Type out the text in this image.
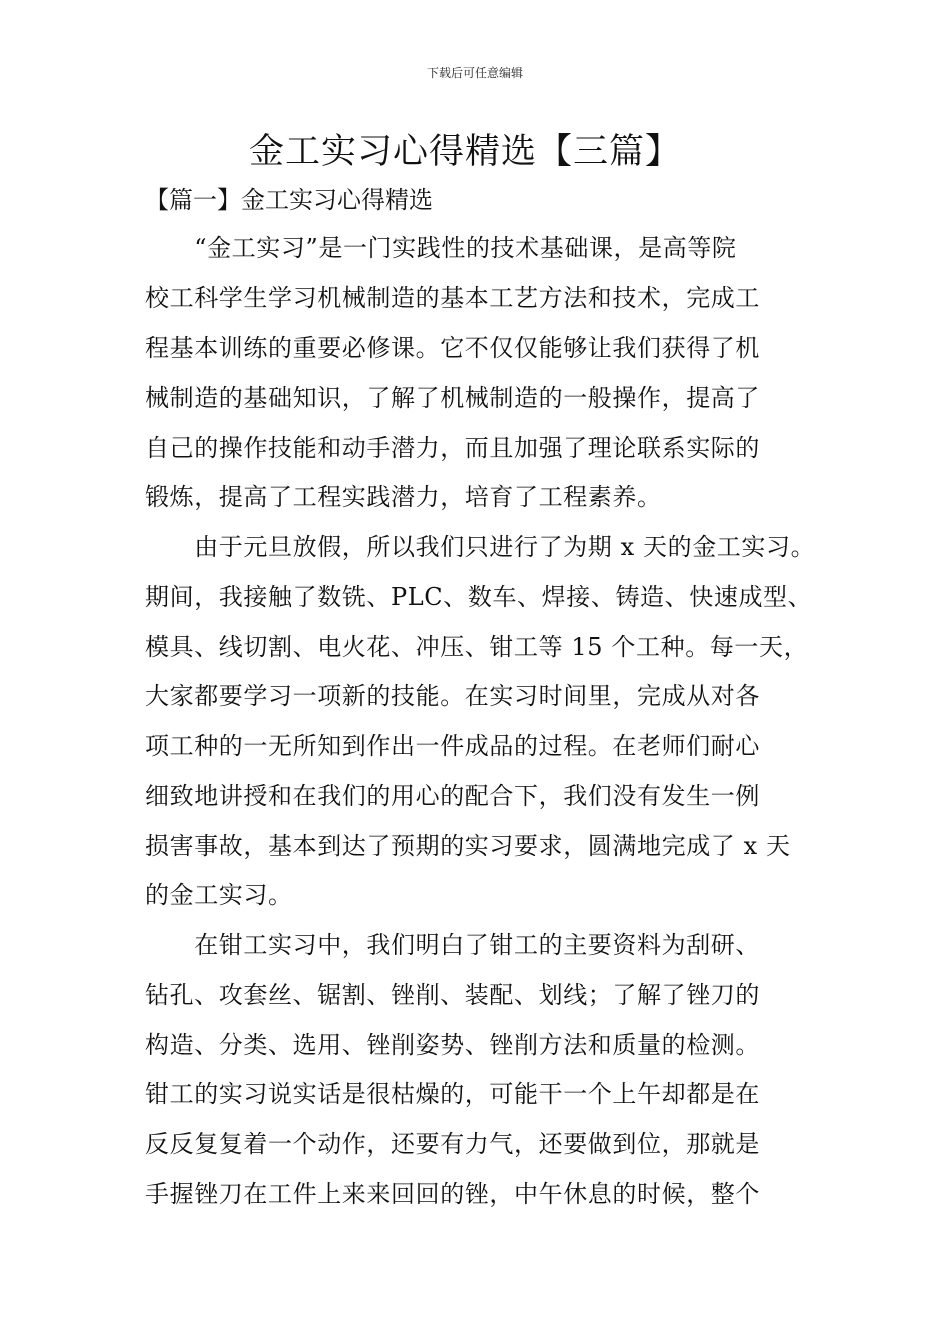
下载后可任意编辑
金工实习心得精选【三篇】
【篇一】金工实习心得精选
　　“金工实习”是一门实践性的技术基础课，是高等院
校工科学生学习机械制造的基本工艺方法和技术，完成工
程基本训练的重要必修课。它不仅仅能够让我们获得了机
械制造的基础知识，了解了机械制造的一般操作，提高了
自己的操作技能和动手潜力，而且加强了理论联系实际的
锻炼，提高了工程实践潜力，培育了工程素养。
　　由于元旦放假，所以我们只进行了为期 x 天的金工实习。
期间，我接触了数铣、PLC、数车、焊接、铸造、快速成型、
模具、线切割、电火花、冲压、钳工等 15 个工种。每一天，
大家都要学习一项新的技能。在实习时间里，完成从对各
项工种的一无所知到作出一件成品的过程。在老师们耐心
细致地讲授和在我们的用心的配合下，我们没有发生一例
损害事故，基本到达了预期的实习要求，圆满地完成了 x 天
的金工实习。
　　在钳工实习中，我们明白了钳工的主要资料为刮研、
钻孔、攻套丝、锯割、锉削、装配、划线；了解了锉刀的
构造、分类、选用、锉削姿势、锉削方法和质量的检测。
钳工的实习说实话是很枯燥的，可能干一个上午却都是在
反反复复着一个动作，还要有力气，还要做到位，那就是
手握锉刀在工件上来来回回的锉，中午休息的时候，整个
